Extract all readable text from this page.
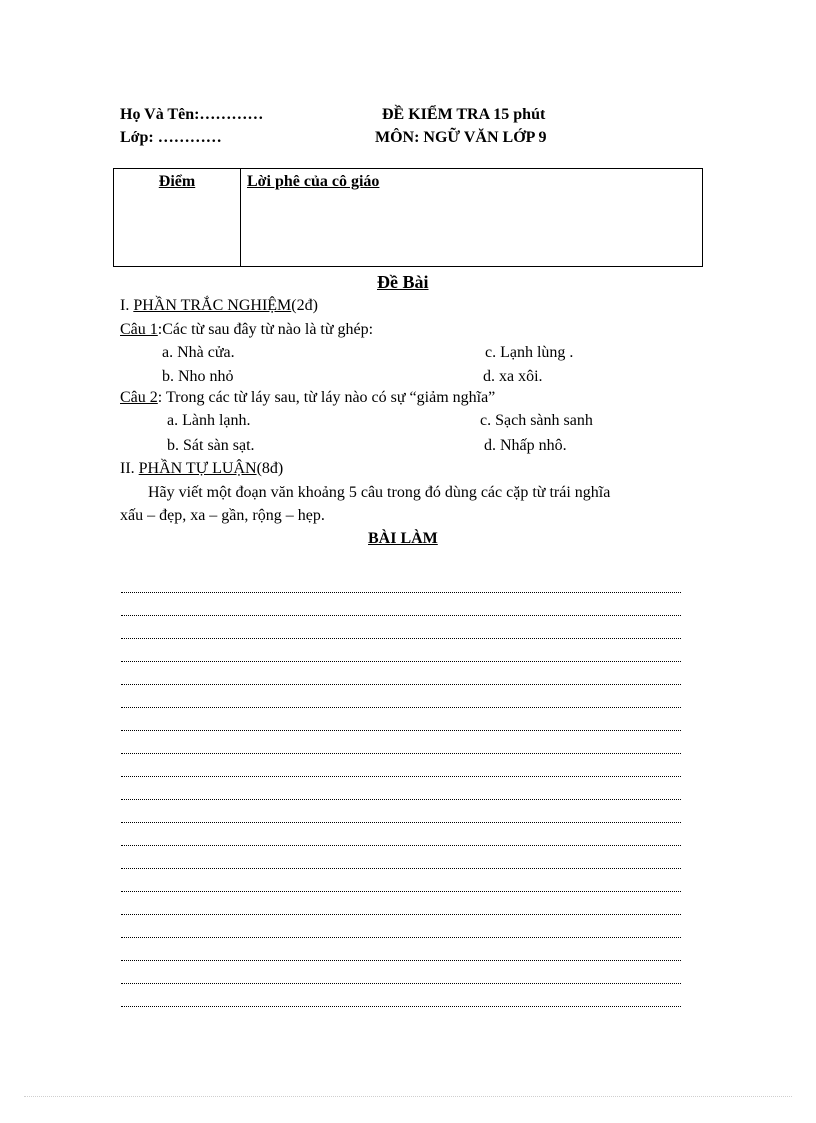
Họ Và Tên:…………
Lớp: …………
ĐỀ KIỂM TRA 15 phút
MÔN: NGỮ VĂN LỚP 9
Điểm	Lời phê của cô giáo
Đề Bài
I. PHẦN TRẮC NGHIỆM(2đ)
Câu 1:Các từ sau đây từ nào là từ ghép:
a. Nhà cửa.	c. Lạnh lùng .
b. Nho nhỏ	d. xa xôi.
Câu 2: Trong các từ láy sau, từ láy nào có sự “giảm nghĩa”
a. Lành lạnh.	c. Sạch sành sanh
b. Sát sàn sạt.	d. Nhấp nhô.
II. PHẦN TỰ LUẬN(8đ)
Hãy viết một đoạn văn khoảng 5 câu trong đó dùng các cặp từ trái nghĩa
xấu – đẹp, xa – gần, rộng – hẹp.
BÀI LÀM
